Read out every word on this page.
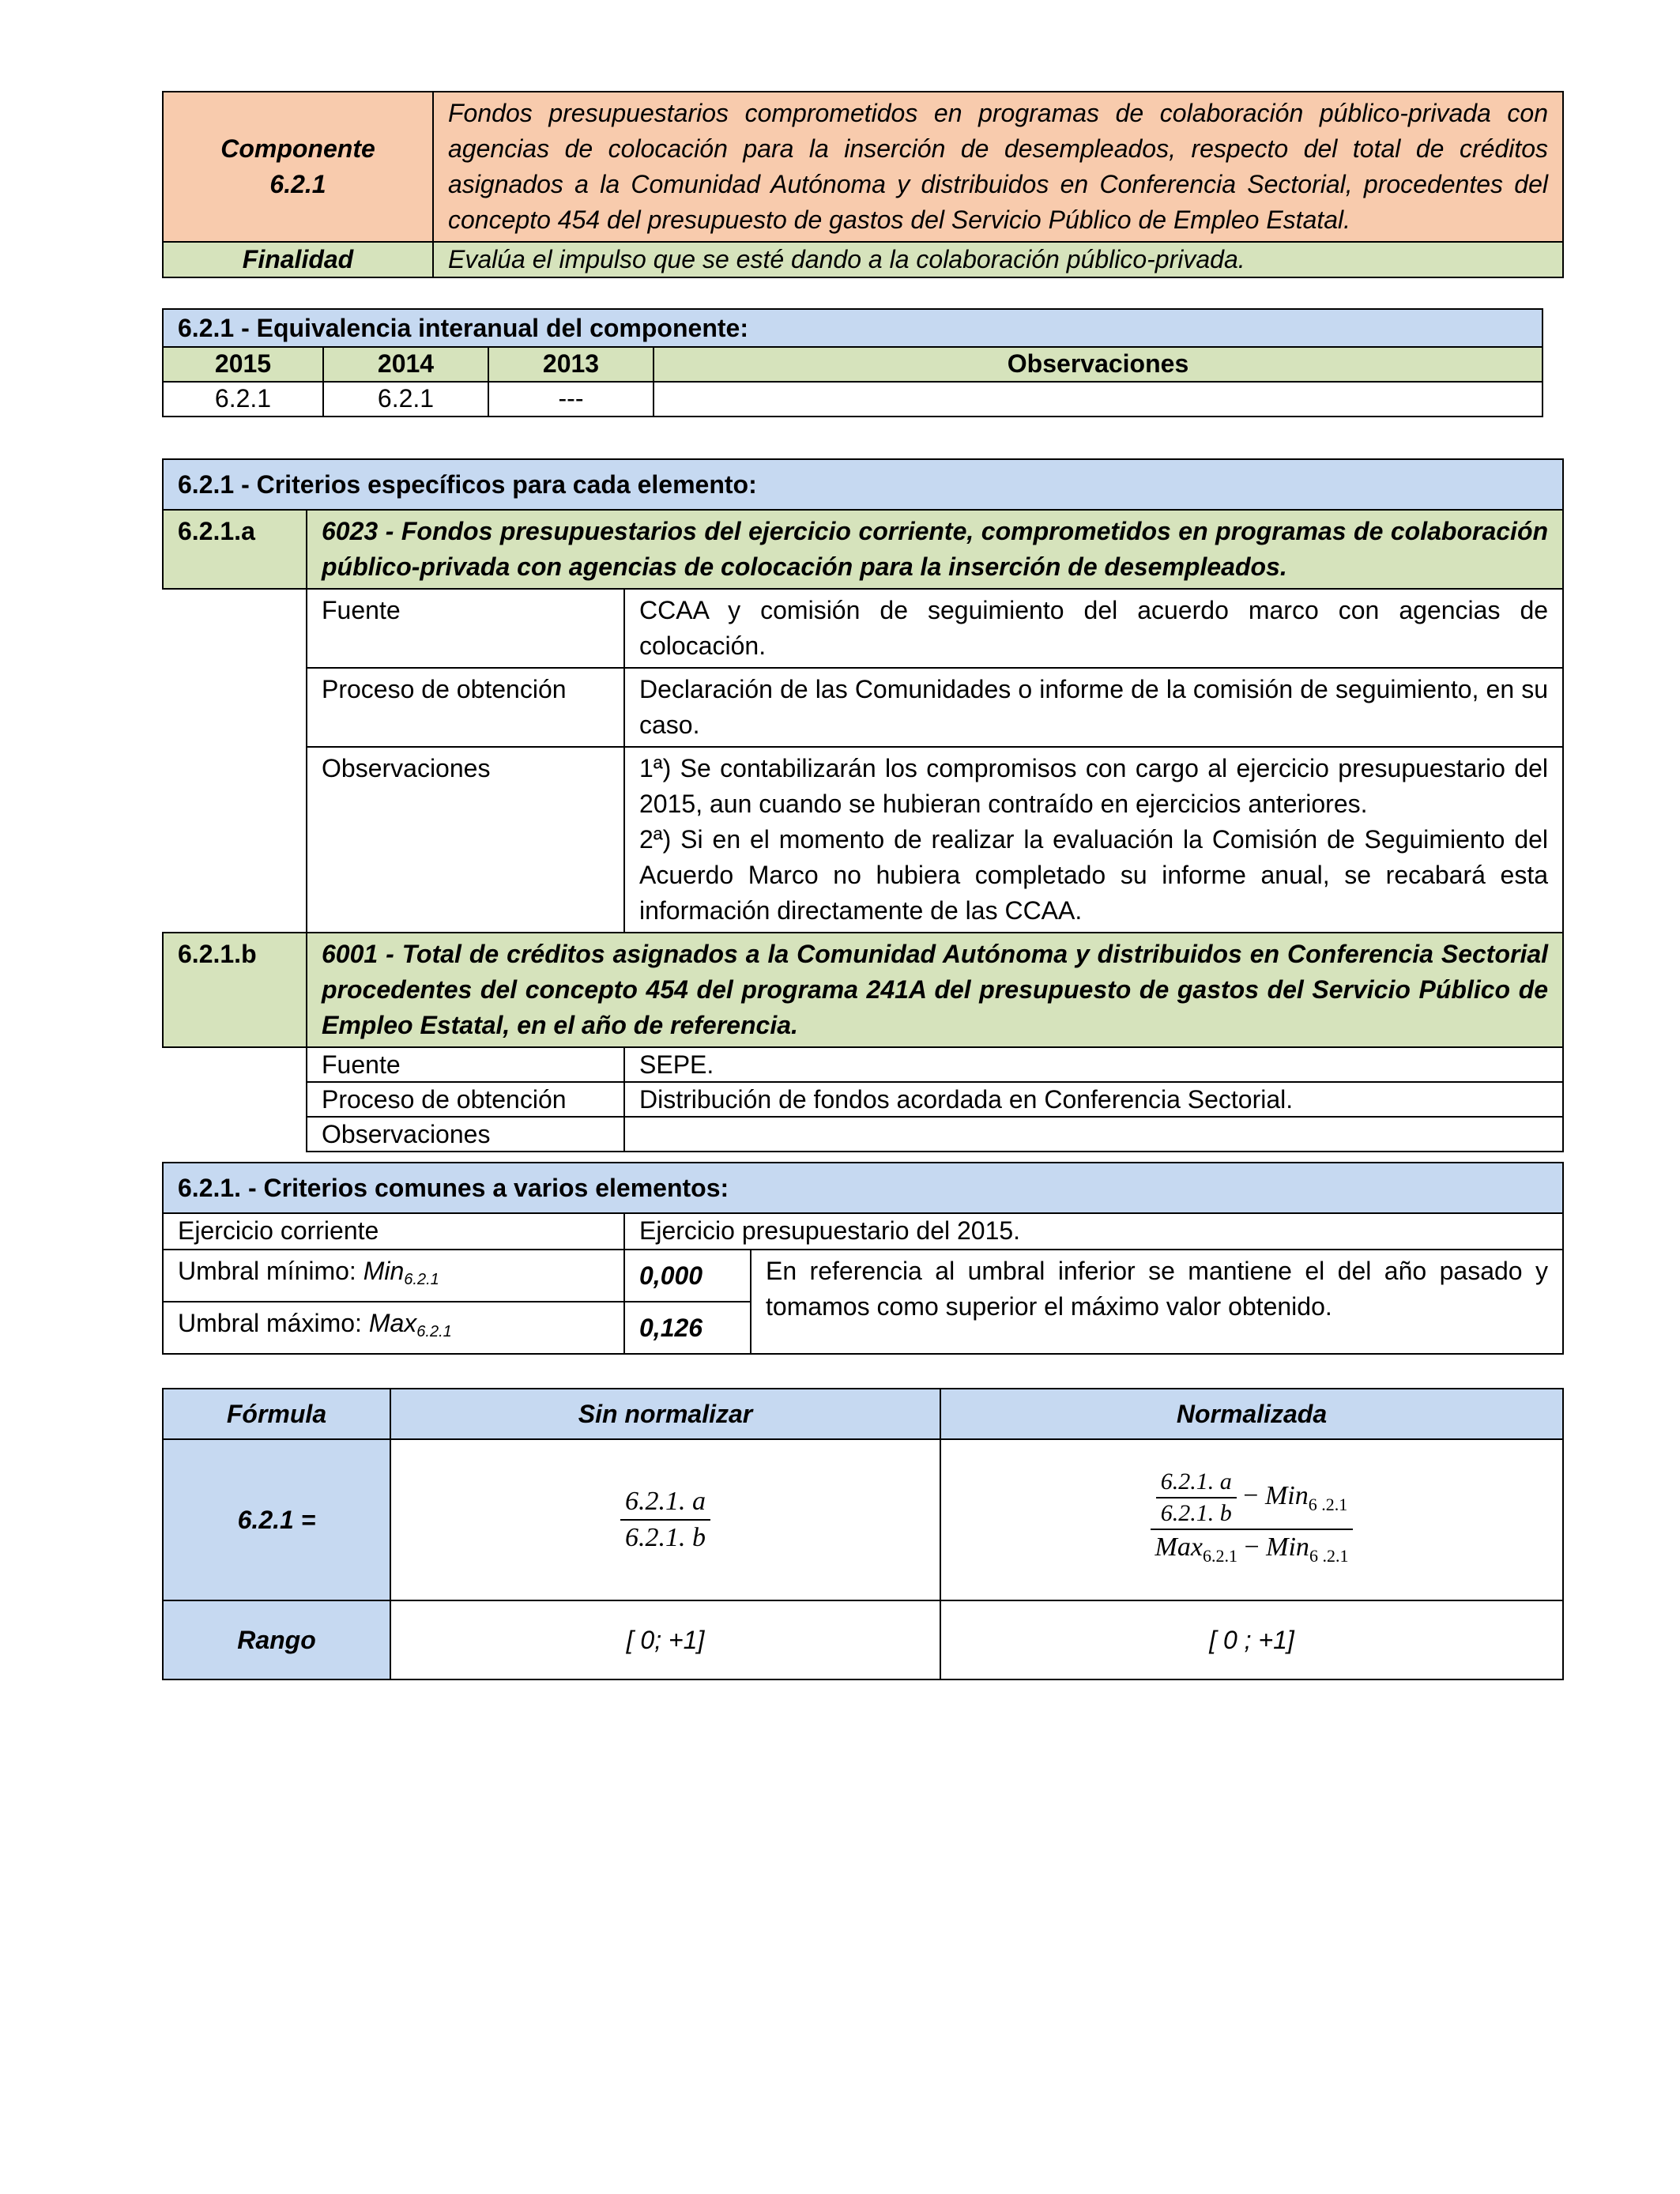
Componente
6.2.1	Fondos presupuestarios comprometidos en programas de colaboración público-privada con agencias de colocación para la inserción de desempleados, respecto del total de créditos asignados a la Comunidad Autónoma y distribuidos en Conferencia Sectorial, procedentes del concepto 454 del presupuesto de gastos del Servicio Público de Empleo Estatal.
Finalidad	Evalúa el impulso que se esté dando a la colaboración público-privada.
6.2.1 - Equivalencia interanual del componente:			
2015	2014	2013	Observaciones
6.2.1	6.2.1	---	
6.2.1 - Criterios específicos para cada elemento:		
6.2.1.a	6023 - Fondos presupuestarios del ejercicio corriente, comprometidos en programas de colaboración público-privada con agencias de colocación para la inserción de desempleados.	
	Fuente	CCAA y comisión de seguimiento del acuerdo marco con agencias de colocación.
	Proceso de obtención	Declaración de las Comunidades o informe de la comisión de seguimiento, en su caso.
	Observaciones	1ª) Se contabilizarán los compromisos con cargo al ejercicio presupuestario del 2015, aun cuando se hubieran contraído en ejercicios anteriores.
2ª) Si en el momento de realizar la evaluación la Comisión de Seguimiento del Acuerdo Marco no hubiera completado su informe anual, se recabará esta información directamente de las CCAA.

6.2.1.b	6001 - Total de créditos asignados a la Comunidad Autónoma y distribuidos en Conferencia Sectorial procedentes del concepto 454 del programa 241A del presupuesto de gastos del Servicio Público de Empleo Estatal, en el año de referencia.	
	Fuente	SEPE.
	Proceso de obtención	Distribución de fondos acordada en Conferencia Sectorial.
	Observaciones	
6.2.1. - Criterios comunes a varios elementos:		
Ejercicio corriente	Ejercicio presupuestario del 2015.	
Umbral mínimo: Min$_{6.2.1}$	0,000	En referencia al umbral inferior se mantiene el del año pasado y tomamos como superior el máximo valor obtenido.
Umbral máximo: Max$_{6.2.1}$	0,126	
Fórmula	Sin normalizar	Normalizada
6.2.1 =	$\frac{6.2.1. a}{6.2.1. b}$	$\frac{6.2.1. a}{6.2.1. b} - Min_{6 .2.1}$
Max$_{6.2.1}$ − Min$_{6 .2.1}$

Rango	[ 0; +1]	[ 0 ; +1]
